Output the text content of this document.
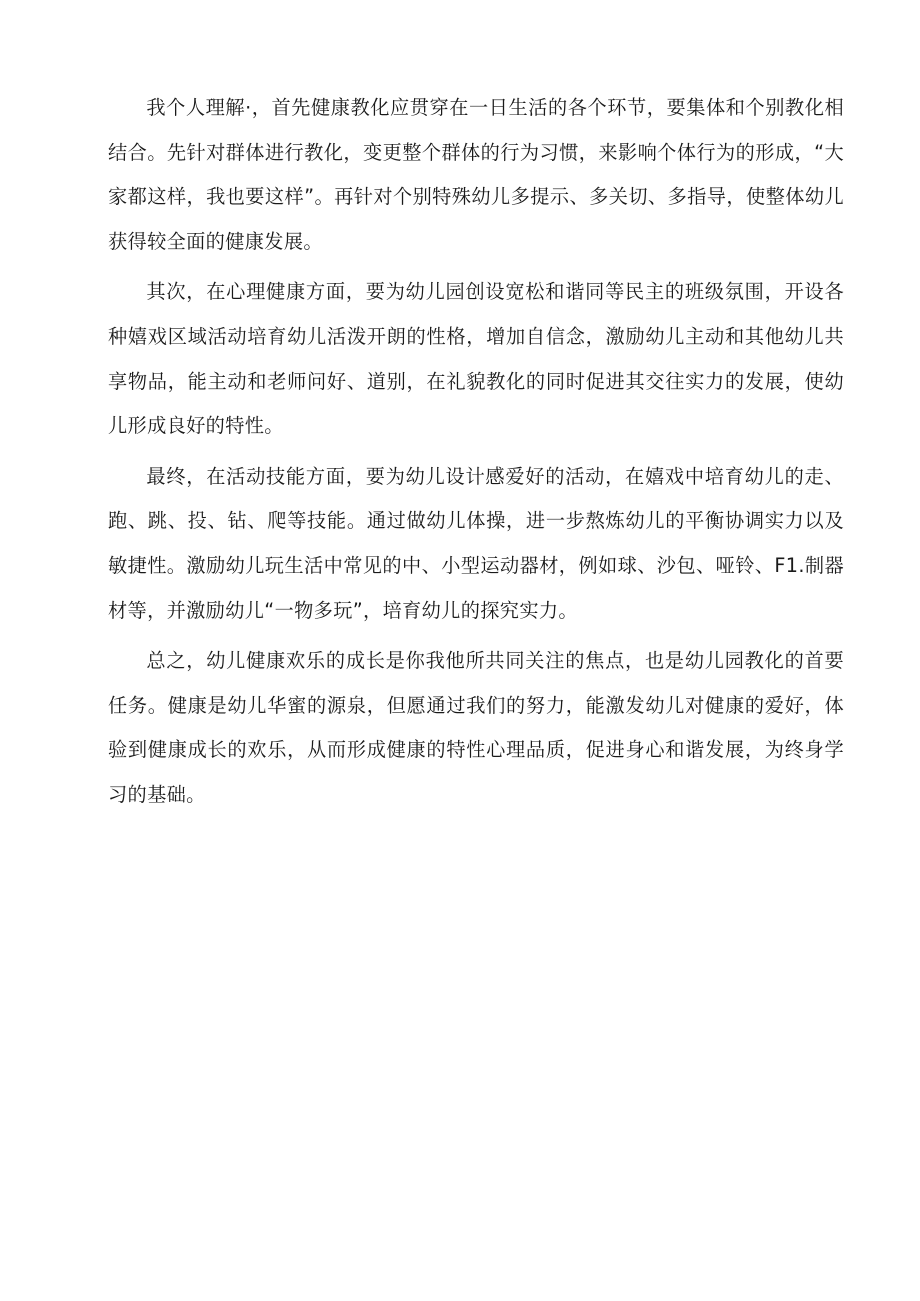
我个人理解·，首先健康教化应贯穿在一日生活的各个环节，要集体和个别教化相结合。先针对群体进行教化，变更整个群体的行为习惯，来影响个体行为的形成，“大家都这样，我也要这样”。再针对个别特殊幼儿多提示、多关切、多指导，使整体幼儿获得较全面的健康发展。

其次，在心理健康方面，要为幼儿园创设宽松和谐同等民主的班级氛围，开设各种嬉戏区域活动培育幼儿活泼开朗的性格，增加自信念，激励幼儿主动和其他幼儿共享物品，能主动和老师问好、道别，在礼貌教化的同时促进其交往实力的发展，使幼儿形成良好的特性。

最终，在活动技能方面，要为幼儿设计感爱好的活动，在嬉戏中培育幼儿的走、跑、跳、投、钻、爬等技能。通过做幼儿体操，进一步熬炼幼儿的平衡协调实力以及敏捷性。激励幼儿玩生活中常见的中、小型运动器材，例如球、沙包、哑铃、F1.制器材等，并激励幼儿“一物多玩”，培育幼儿的探究实力。

总之，幼儿健康欢乐的成长是你我他所共同关注的焦点，也是幼儿园教化的首要任务。健康是幼儿华蜜的源泉，但愿通过我们的努力，能激发幼儿对健康的爱好，体验到健康成长的欢乐，从而形成健康的特性心理品质，促进身心和谐发展，为终身学习的基础。
